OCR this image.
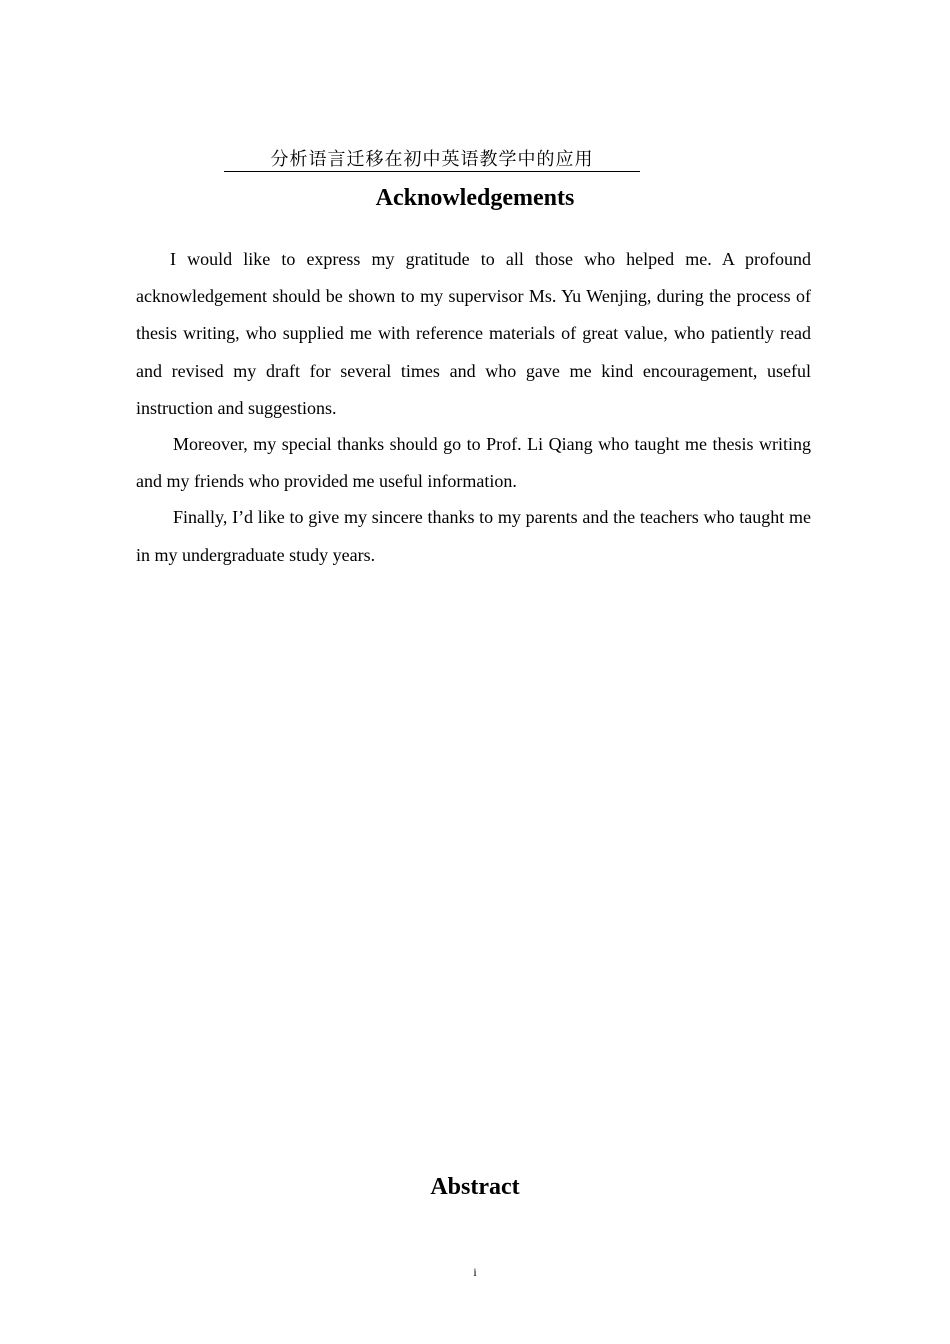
分析语言迁移在初中英语教学中的应用
Acknowledgements

I would like to express my gratitude to all those who helped me. A profound acknowledgement should be shown to my supervisor Ms. Yu Wenjing, during the process of thesis writing, who supplied me with reference materials of great value, who patiently read and revised my draft for several times and who gave me kind encouragement, useful instruction and suggestions.

Moreover, my special thanks should go to Prof. Li Qiang who taught me thesis writing and my friends who provided me useful information.

Finally, I’d like to give my sincere thanks to my parents and the teachers who taught me in my undergraduate study years.

Abstract
i
